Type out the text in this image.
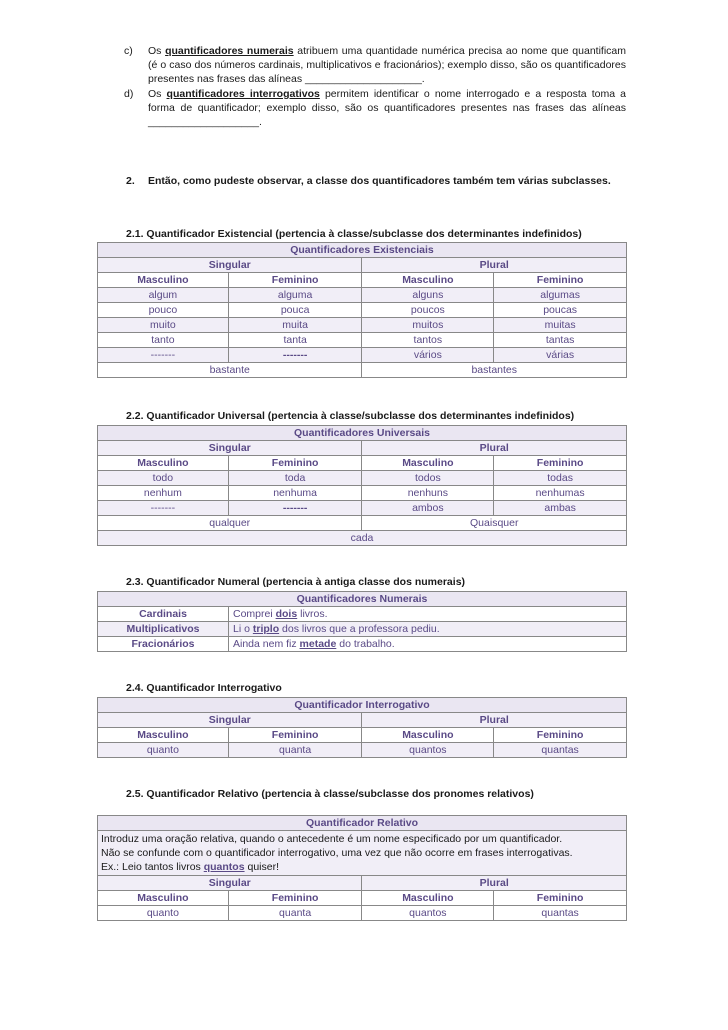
c)	Os quantificadores numerais atribuem uma quantidade numérica precisa ao nome que quantificam (é o caso dos números cardinais, multiplicativos e fracionários); exemplo disso, são os quantificadores presentes nas frases das alíneas ____________________.
d)	Os quantificadores interrogativos permitem identificar o nome interrogado e a resposta toma a forma de quantificador; exemplo disso, são os quantificadores presentes nas frases das alíneas ___________________.
2. Então, como pudeste observar, a classe dos quantificadores também tem várias subclasses.
2.1. Quantificador Existencial (pertencia à classe/subclasse dos determinantes indefinidos)
Quantificadores Existenciais			
Singular		Plural	
Masculino	Feminino	Masculino	Feminino
algum	alguma	alguns	algumas
pouco	pouca	poucos	poucas
muito	muita	muitos	muitas
tanto	tanta	tantos	tantas
-------	-------	vários	várias
bastante		bastantes	
2.2. Quantificador Universal (pertencia à classe/subclasse dos determinantes indefinidos)
Quantificadores Universais			
Singular		Plural	
Masculino	Feminino	Masculino	Feminino
todo	toda	todos	todas
nenhum	nenhuma	nenhuns	nenhumas
-------	-------	ambos	ambas
qualquer		Quaisquer	
cada			
2.3. Quantificador Numeral (pertencia à antiga classe dos numerais)
Quantificadores Numerais	
Cardinais	Comprei dois livros.
Multiplicativos	Li o triplo dos livros que a professora pediu.
Fracionários	Ainda nem fiz metade do trabalho.
2.4. Quantificador Interrogativo
Quantificador Interrogativo			
Singular		Plural	
Masculino	Feminino	Masculino	Feminino
quanto	quanta	quantos	quantas
2.5. Quantificador Relativo (pertencia à classe/subclasse dos pronomes relativos)
Quantificador Relativo			

Introduz uma oração relativa, quando o antecedente é um nome especificado por um quantificador.
Não se confunde com o quantificador interrogativo, uma vez que não ocorre em frases interrogativas.
Ex.: Leio tantos livros quantos quiser!			

Singular		Plural	
Masculino	Feminino	Masculino	Feminino
quanto	quanta	quantos	quantas
